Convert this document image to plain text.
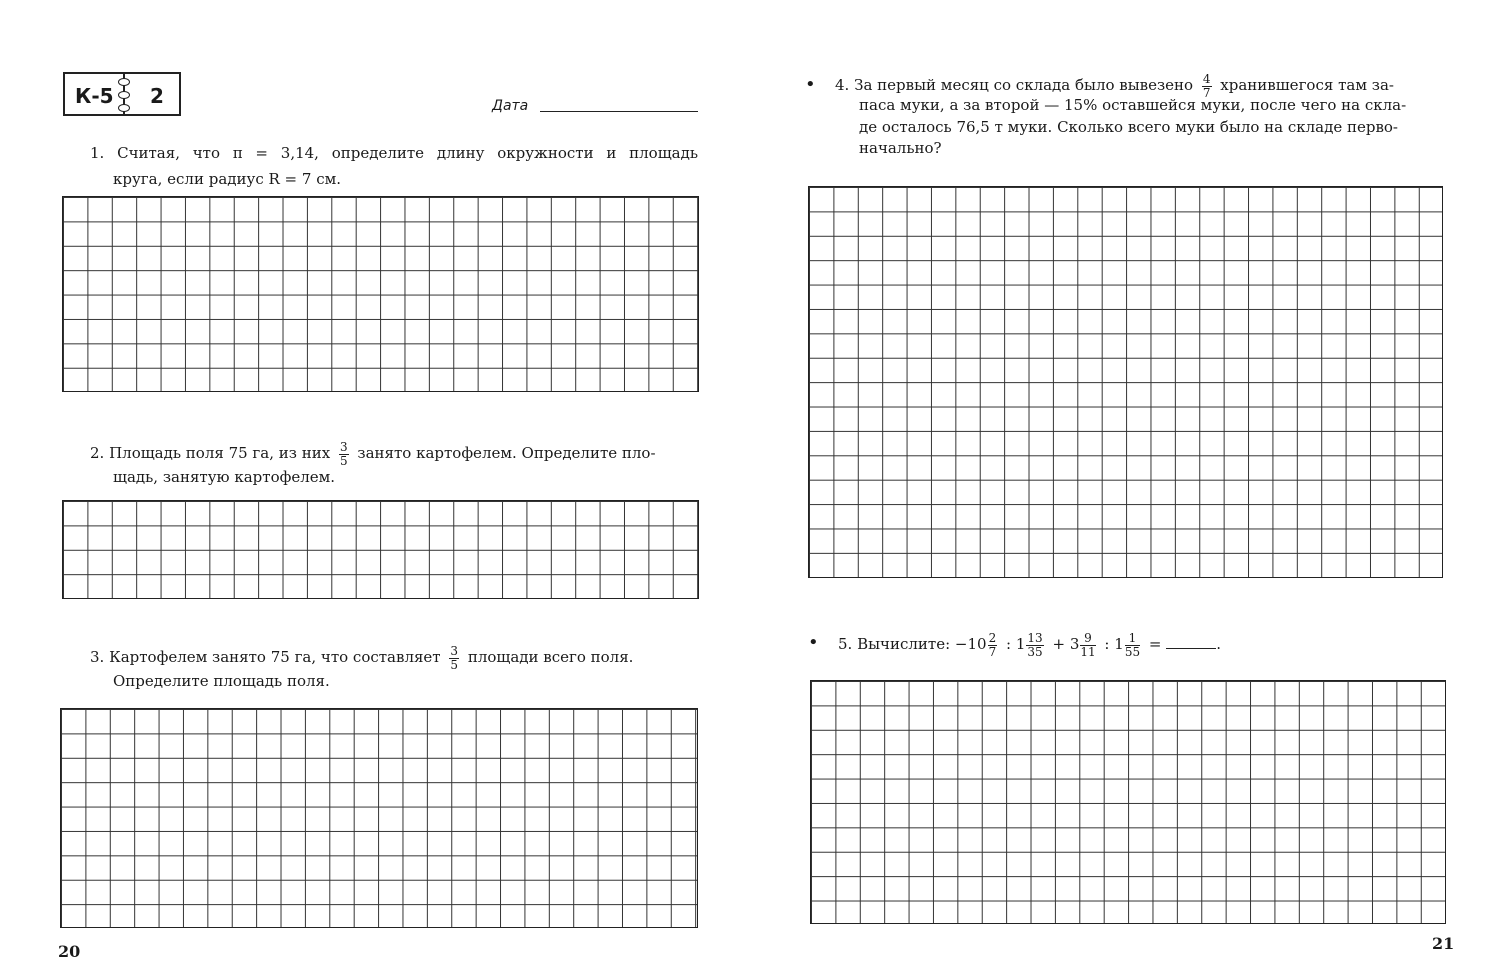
К-5 2	Дата
1. Считая, что π = 3,14, определите длину окружности и площадь
круга, если радиус R = 7 см.
2. Площадь поля 75 га, из них $\frac{3}{5}$ занято картофелем. Определите пло-
щадь, занятую картофелем.
3. Картофелем занято 75 га, что составляет $\frac{3}{5}$ площади всего поля.
Определите площадь поля.
20
• 4. За первый месяц со склада было вывезено $\frac{4}{7}$ хранившегося там за-
паса муки, а за второй — 15% оставшейся муки, после чего на скла-
де осталось 76,5 т муки. Сколько всего муки было на складе перво-
начально?
• 5. Вычислите: $-10 \frac{2}{7}$ : $1 \frac{13}{35} + 3 \frac{9}{11}$ : $1 \frac{1}{55}$ =	.
21
